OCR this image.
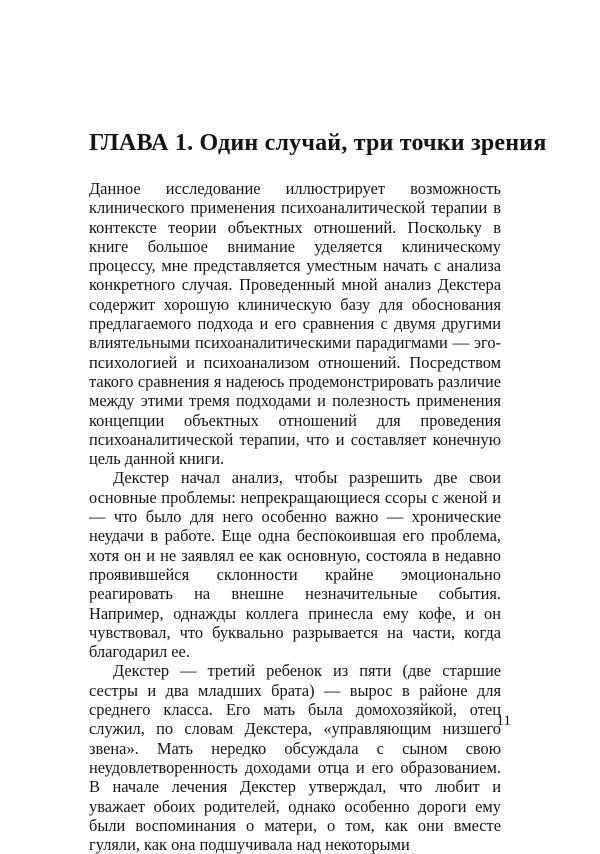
ГЛАВА 1. Один случай, три точки зрения

Данное исследование иллюстрирует возможность клинического применения психоаналитической терапии в контексте теории объектных отношений. Поскольку в книге большое внимание уделяется клиническому процессу, мне представляется уместным начать с анализа конкретного случая. Проведенный мной анализ Декстера содержит хорошую клиническую базу для обоснования предлагаемого подхода и его сравнения с двумя другими влиятельными психоаналитическими парадигмами — эго-психологией и психоанализом отношений. Посредством такого сравнения я надеюсь продемонстрировать различие между этими тремя подходами и полезность применения концепции объектных отношений для проведения психоаналитической терапии, что и составляет конечную цель данной книги.

Декстер начал анализ, чтобы разрешить две свои основные проблемы: непрекращающиеся ссоры с женой и — что было для него особенно важно — хронические неудачи в работе. Еще одна беспокоившая его проблема, хотя он и не заявлял ее как основную, состояла в недавно проявившейся склонности крайне эмоционально реагировать на внешне незначительные события. Например, однажды коллега принесла ему кофе, и он чувствовал, что буквально разрывается на части, когда благодарил ее.

Декстер — третий ребенок из пяти (две старшие сестры и два младших брата) — вырос в районе для среднего класса. Его мать была домохозяйкой, отец служил, по словам Декстера, «управляющим низшего звена». Мать нередко обсуждала с сыном свою неудовлетворенность доходами отца и его образованием. В начале лечения Декстер утверждал, что любит и уважает обоих родителей, однако особенно дороги ему были воспоминания о матери, о том, как они вместе гуляли, как она подшучивала над некоторыми

11
